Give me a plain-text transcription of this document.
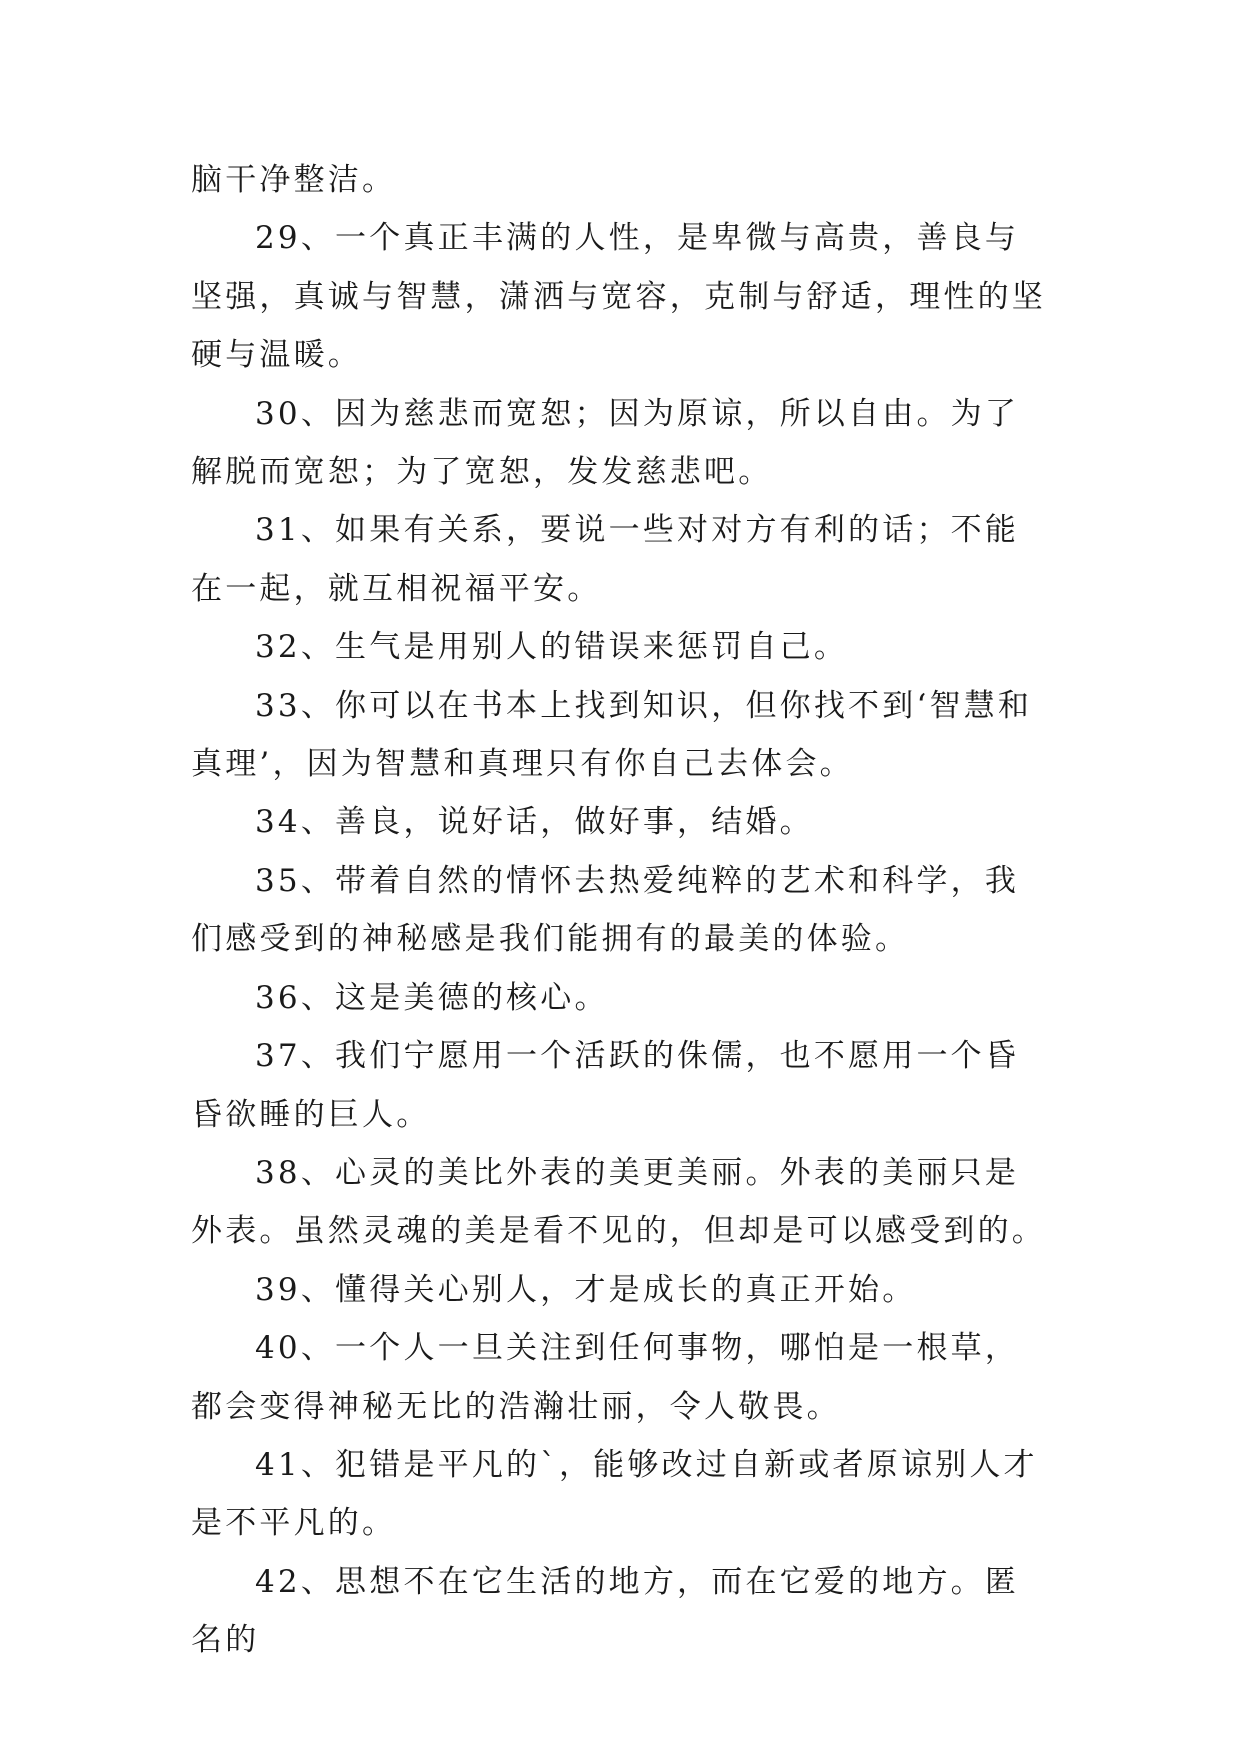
脑干净整洁。

29、一个真正丰满的人性，是卑微与高贵，善良与坚强，真诚与智慧，潇洒与宽容，克制与舒适，理性的坚硬与温暖。

30、因为慈悲而宽恕；因为原谅，所以自由。为了解脱而宽恕；为了宽恕，发发慈悲吧。

31、如果有关系，要说一些对对方有利的话；不能在一起，就互相祝福平安。

32、生气是用别人的错误来惩罚自己。

33、你可以在书本上找到知识，但你找不到‘智慧和真理’，因为智慧和真理只有你自己去体会。

34、善良，说好话，做好事，结婚。

35、带着自然的情怀去热爱纯粹的艺术和科学，我们感受到的神秘感是我们能拥有的最美的体验。

36、这是美德的核心。

37、我们宁愿用一个活跃的侏儒，也不愿用一个昏昏欲睡的巨人。

38、心灵的美比外表的美更美丽。外表的美丽只是外表。虽然灵魂的美是看不见的，但却是可以感受到的。

39、懂得关心别人，才是成长的真正开始。

40、一个人一旦关注到任何事物，哪怕是一根草，都会变得神秘无比的浩瀚壮丽，令人敬畏。

41、犯错是平凡的`，能够改过自新或者原谅别人才是不平凡的。

42、思想不在它生活的地方，而在它爱的地方。匿名的
